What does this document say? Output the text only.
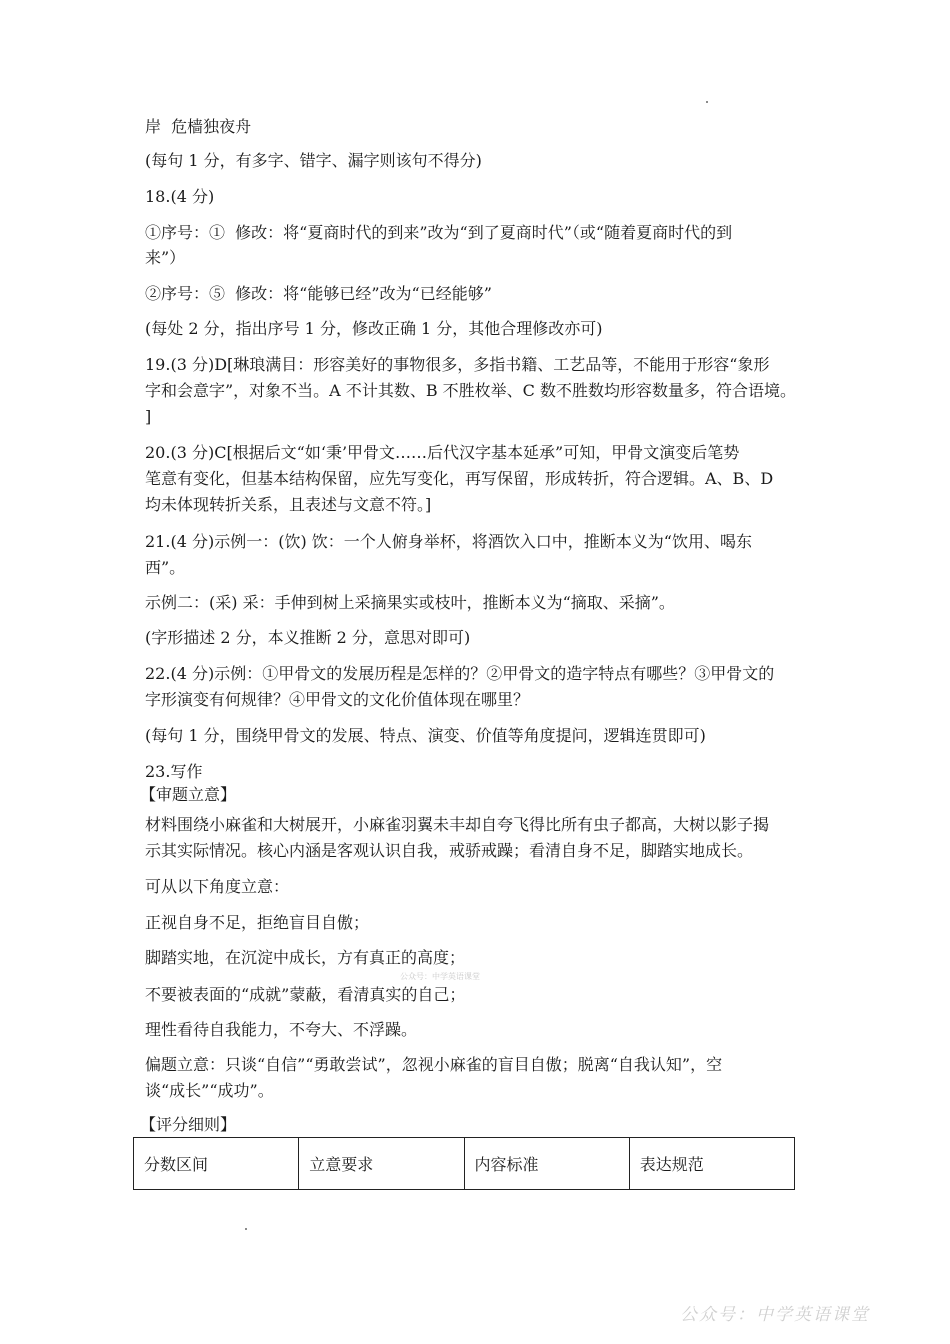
岸  危樯独夜舟
(每句 1 分，有多字、错字、漏字则该句不得分)
18.(4 分)
①序号：①  修改：将“夏商时代的到来”改为“到了夏商时代”（或“随着夏商时代的到
来”）
②序号：⑤  修改：将“能够已经”改为“已经能够”
(每处 2 分，指出序号 1 分，修改正确 1 分，其他合理修改亦可)
19.(3 分)D[琳琅满目：形容美好的事物很多，多指书籍、工艺品等，不能用于形容“象形
字和会意字”，对象不当。A 不计其数、B 不胜枚举、C 数不胜数均形容数量多，符合语境。
]
20.(3 分)C[根据后文“如‘秉’甲骨文……后代汉字基本延承”可知，甲骨文演变后笔势
笔意有变化，但基本结构保留，应先写变化，再写保留，形成转折，符合逻辑。A、B、D
均未体现转折关系，且表述与文意不符。]
21.(4 分)示例一：(饮) 饮：一个人俯身举杯，将酒饮入口中，推断本义为“饮用、喝东
西”。
示例二：(采) 采：手伸到树上采摘果实或枝叶，推断本义为“摘取、采摘”。
(字形描述 2 分，本义推断 2 分，意思对即可)
22.(4 分)示例：①甲骨文的发展历程是怎样的？②甲骨文的造字特点有哪些？③甲骨文的
字形演变有何规律？④甲骨文的文化价值体现在哪里？
(每句 1 分，围绕甲骨文的发展、特点、演变、价值等角度提问，逻辑连贯即可)
23.写作
【审题立意】
材料围绕小麻雀和大树展开，小麻雀羽翼未丰却自夸飞得比所有虫子都高，大树以影子揭
示其实际情况。核心内涵是客观认识自我，戒骄戒躁；看清自身不足，脚踏实地成长。
可从以下角度立意：
正视自身不足，拒绝盲目自傲；
脚踏实地，在沉淀中成长，方有真正的高度；
不要被表面的“成就”蒙蔽，看清真实的自己；
理性看待自我能力，不夸大、不浮躁。
偏题立意：只谈“自信”“勇敢尝试”，忽视小麻雀的盲目自傲；脱离“自我认知”，空
谈“成长”“成功”。
【评分细则】
分数区间	立意要求	内容标准	表达规范
公众号：中学英语课堂
公众号：中学英语课堂
